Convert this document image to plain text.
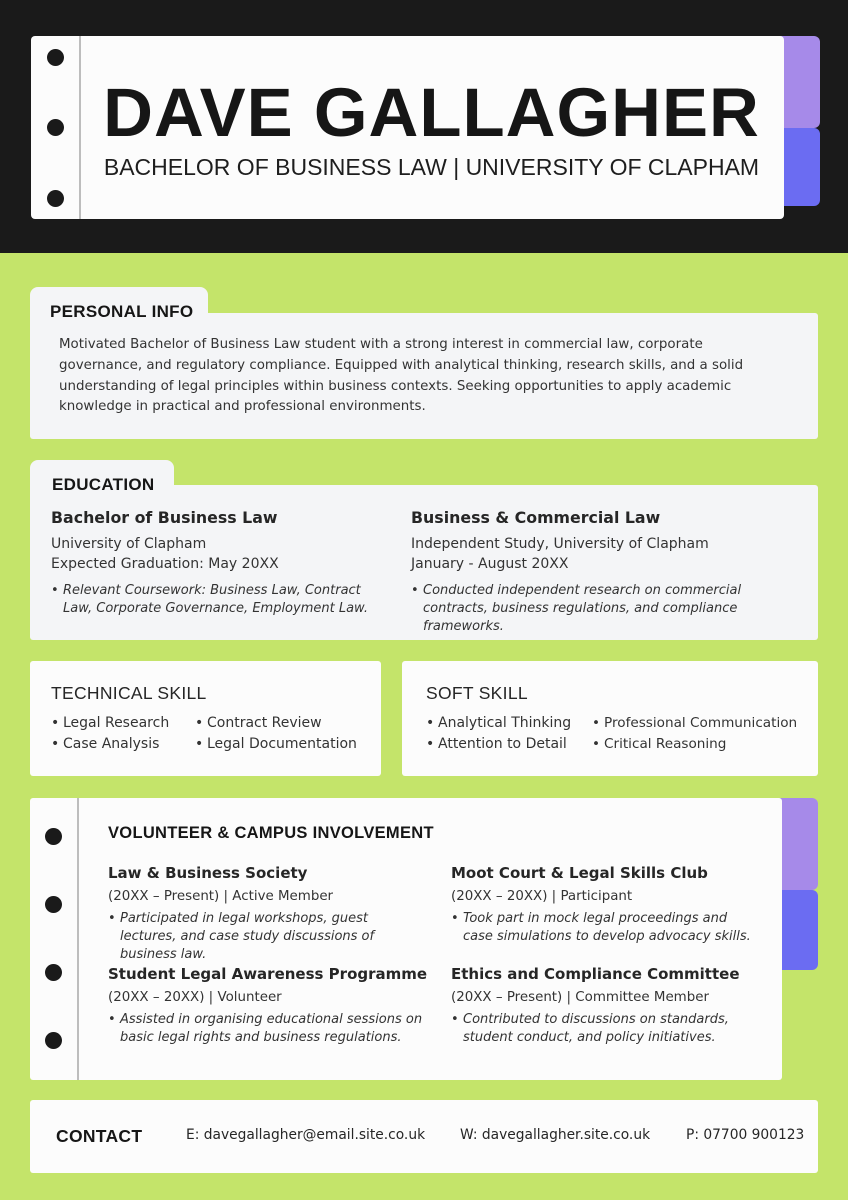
DAVE GALLAGHER
BACHELOR OF BUSINESS LAW | UNIVERSITY OF CLAPHAM
PERSONAL INFO
Motivated Bachelor of Business Law student with a strong interest in commercial law, corporate governance, and regulatory compliance. Equipped with analytical thinking, research skills, and a solid understanding of legal principles within business contexts. Seeking opportunities to apply academic knowledge in practical and professional environments.
EDUCATION
Bachelor of Business Law
University of Clapham
Expected Graduation: May 20XX
• Relevant Coursework: Business Law, Contract Law, Corporate Governance, Employment Law.
Business & Commercial Law
Independent Study, University of Clapham
January - August 20XX
• Conducted independent research on commercial contracts, business regulations, and compliance frameworks.
TECHNICAL SKILL
• Legal Research
• Case Analysis
• Contract Review
• Legal Documentation
SOFT SKILL
• Analytical Thinking
• Attention to Detail
• Professional Communication
• Critical Reasoning
VOLUNTEER & CAMPUS INVOLVEMENT
Law & Business Society
(20XX – Present) | Active Member
• Participated in legal workshops, guest lectures, and case study discussions of business law.
Moot Court & Legal Skills Club
(20XX – 20XX) | Participant
• Took part in mock legal proceedings and case simulations to develop advocacy skills.
Student Legal Awareness Programme
(20XX – 20XX) | Volunteer
• Assisted in organising educational sessions on basic legal rights and business regulations.
Ethics and Compliance Committee
(20XX – Present) | Committee Member
• Contributed to discussions on standards, student conduct, and policy initiatives.
CONTACT	E: davegallagher@email.site.co.uk	W: davegallagher.site.co.uk	P: 07700 900123
